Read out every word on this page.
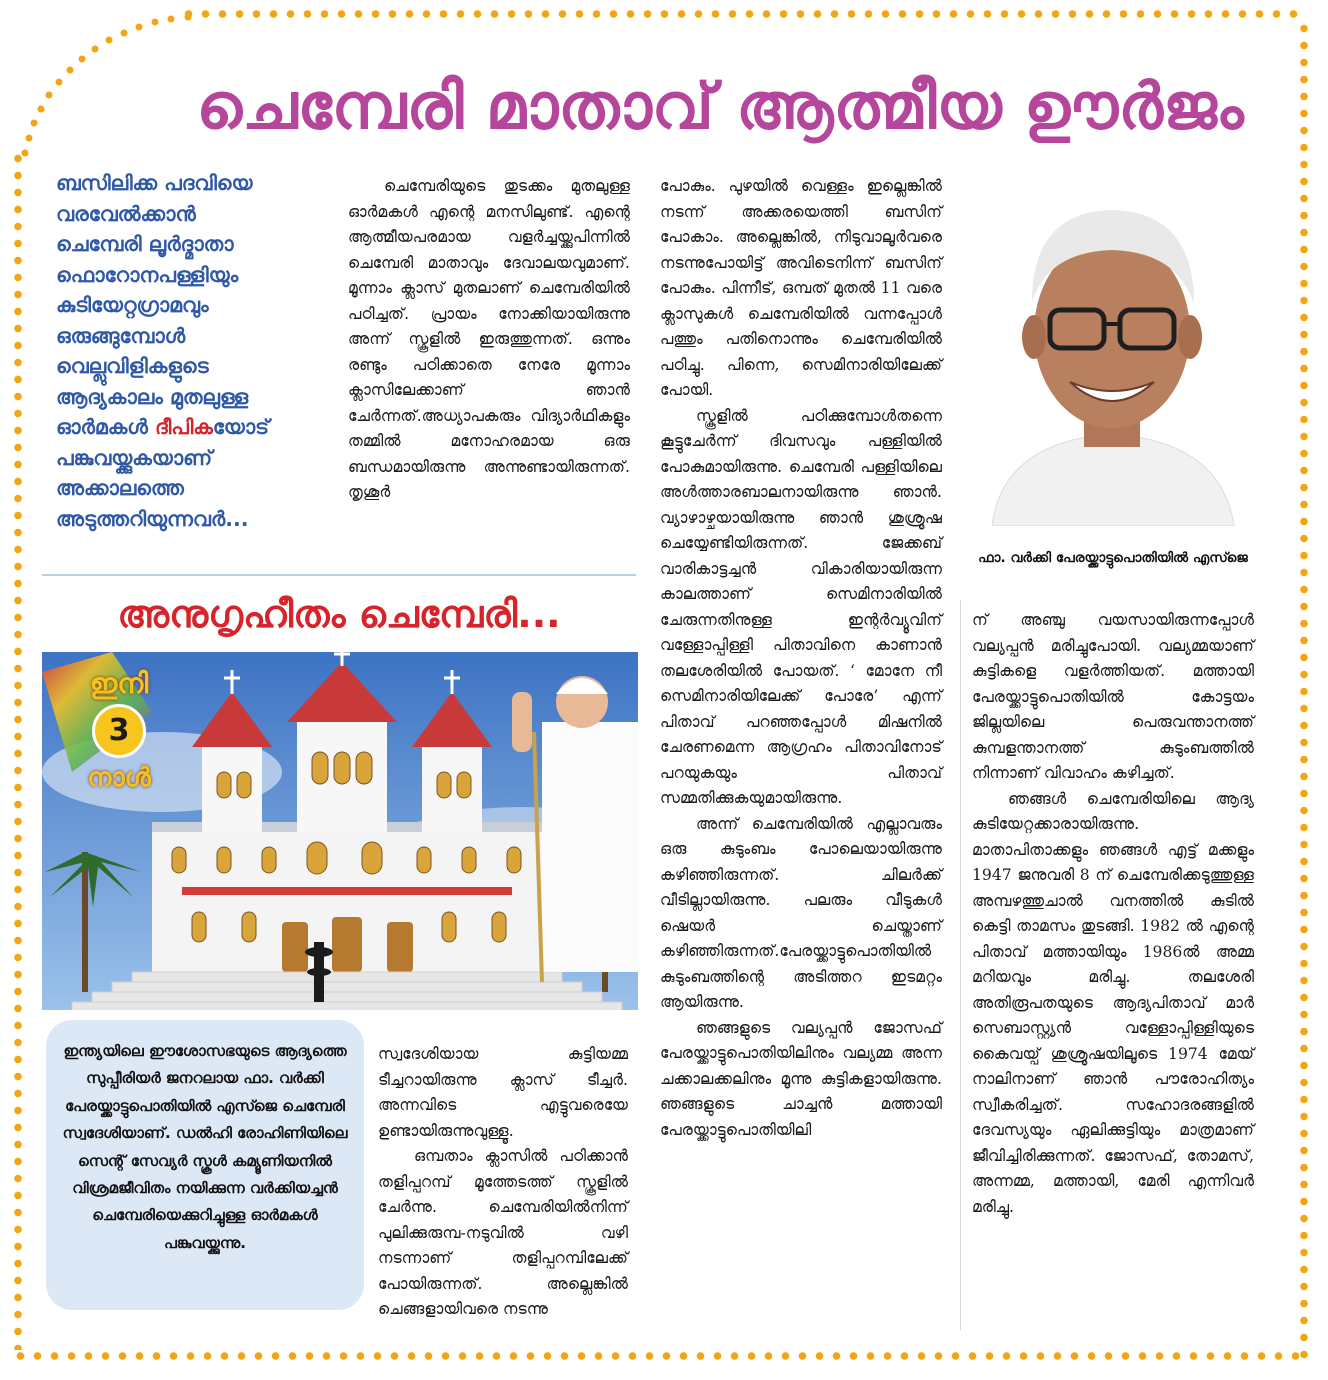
ചെമ്പേരി മാതാവ് ആത്മീയ ഊർജം
ബസിലിക്ക പദവിയെ
വരവേൽക്കാൻ
ചെമ്പേരി ലൂർദ്മാതാ
ഫൊറോനപള്ളിയും
കുടിയേറ്റഗ്രാമവും
ഒരുങ്ങുമ്പോൾ
വെല്ലുവിളികളുടെ
ആദ്യകാലം മുതലുള്ള
ഓർമകൾ ദീപികയോട്
പങ്കുവയ്ക്കുകയാണ്
അക്കാലത്തെ
അടുത്തറിയുന്നവർ...

ചെമ്പേരിയുടെ തുടക്കം മുതലുള്ള ഓർമകൾ എന്റെ മനസിലുണ്ട്. എന്റെ ആത്മീയപരമായ വളർച്ചയ്ക്കുപിന്നിൽ ചെമ്പേരി മാതാവും ദേവാലയവുമാണ്. മൂന്നാം ക്ലാസ് മുതലാണ് ചെമ്പേരിയിൽ പഠിച്ചത്. പ്രായം നോക്കിയായിരുന്നു അന്ന് സ്കൂളിൽ ഇരുത്തുന്നത്. ഒന്നും രണ്ടും പഠിക്കാതെ നേരേ മൂന്നാം ക്ലാസിലേക്കാണ് ഞാൻ ചേർന്നത്.അധ്യാപകരും വിദ്യാർഥികളും തമ്മിൽ മനോഹരമായ ഒരു ബന്ധമായിരുന്നു അന്നുണ്ടായിരുന്നത്. തൃശൂർ

അനുഗൃഹീതം ചെമ്പേരി...
ഇനി
3
നാൾ
ഇന്ത്യയിലെ ഈശോസഭയുടെ ആദ്യത്തെ സുപ്പീരിയർ ജനറലായ ഫാ. വർക്കി പേരയ്ക്കാട്ടുപൊതിയിൽ എസ്ജെ ചെമ്പേരി സ്വദേശിയാണ്. ഡൽഹി രോഹിണിയിലെ സെന്റ് സേവ്യർ സ്കൂൾ കമ്യൂണിയനിൽ വിശ്രമജീവിതം നയിക്കുന്ന വർക്കിയച്ചൻ ചെമ്പേരിയെക്കുറിച്ചുള്ള ഓർമകൾ പങ്കുവയ്ക്കുന്നു.

സ്വദേശിയായ കുട്ടിയമ്മ ടീച്ചറായിരുന്നു ക്ലാസ് ടീച്ചർ. അന്നവിടെ എട്ടുവരെയേ ഉണ്ടായിരുന്നുവുള്ളൂ.

ഒമ്പതാം ക്ലാസിൽ പഠിക്കാൻ തളിപ്പറമ്പ് മൂത്തേടത്ത് സ്കൂളിൽ ചേർന്നു. ചെമ്പേരിയിൽനിന്ന് പുലിക്കുരുമ്പ-നടുവിൽ വഴി നടന്നാണ് തളിപ്പറമ്പിലേക്ക് പോയിരുന്നത്. അല്ലെങ്കിൽ ചെങ്ങളായിവരെ നടന്നു

പോകും. പുഴയിൽ വെള്ളം ഇല്ലെങ്കിൽ നടന്ന് അക്കരയെത്തി ബസിന് പോകാം. അല്ലെങ്കിൽ, നിടുവാലൂർവരെ നടന്നുപോയിട്ട് അവിടെനിന്ന് ബസിന് പോകും. പിന്നീട്, ഒമ്പത് മുതൽ 11 വരെ ക്ലാസുകൾ ചെമ്പേരിയിൽ വന്നപ്പോൾ പത്തും പതിനൊന്നും ചെമ്പേരിയിൽ പഠിച്ചു. പിന്നെ, സെമിനാരിയിലേക്ക് പോയി.

സ്കൂളിൽ പഠിക്കുമ്പോൾതന്നെ കൂട്ടുചേർന്ന് ദിവസവും പള്ളിയിൽ പോകുമായിരുന്നു. ചെമ്പേരി പള്ളിയിലെ അൾത്താരബാലനായിരുന്നു ഞാൻ. വ്യാഴാഴ്ചയായിരുന്നു ഞാൻ ശുശ്രൂഷ ചെയ്യേണ്ടിയിരുന്നത്. ജേക്കബ് വാരികാട്ടച്ചൻ വികാരിയായിരുന്ന കാലത്താണ് സെമിനാരിയിൽ ചേരുന്നതിനുള്ള ഇന്റർവ്യൂവിന് വള്ളോപ്പിള്ളി പിതാവിനെ കാണാൻ തലശേരിയിൽ പോയത്. ‘ മോനേ നീ സെമിനാരിയിലേക്ക് പോരേ’ എന്ന് പിതാവ് പറഞ്ഞപ്പോൾ മിഷനിൽ ചേരണമെന്ന ആഗ്രഹം പിതാവിനോട് പറയുകയും പിതാവ് സമ്മതിക്കുകയുമായിരുന്നു.

അന്ന് ചെമ്പേരിയിൽ എല്ലാവരും ഒരു കുടുംബം പോലെയായിരുന്നു കഴിഞ്ഞിരുന്നത്. ചിലർക്ക് വീടില്ലായിരുന്നു. പലരും വീടുകൾ ഷെയർ ചെയ്താണ് കഴിഞ്ഞിരുന്നത്.പേരയ്ക്കാട്ടുപൊതിയിൽ കുടുംബത്തിന്റെ അടിത്തറ ഇടമറ്റം ആയിരുന്നു.

ഞങ്ങളുടെ വല്യപ്പൻ ജോസഫ് പേരയ്ക്കാട്ടുപൊതിയിലിനും വല്യമ്മ അന്ന ചക്കാലക്കലിനും മൂന്നു കുട്ടികളായിരുന്നു. ഞങ്ങളുടെ ചാച്ചൻ മത്തായി പേരയ്ക്കാട്ടുപൊതിയിലി

ഫാ. വർക്കി പേരയ്ക്കാട്ടുപൊതിയിൽ എസ്ജെ

ന് അഞ്ചു വയസായിരുന്നപ്പോൾ വല്യപ്പൻ മരിച്ചുപോയി. വല്യമ്മയാണ് കുട്ടികളെ വളർത്തിയത്. മത്തായി പേരയ്ക്കാട്ടുപൊതിയിൽ കോട്ടയം ജില്ലയിലെ പെരുവന്താനത്ത് കുമ്പളന്താനത്ത് കുടുംബത്തിൽ നിന്നാണ് വിവാഹം കഴിച്ചത്.

ഞങ്ങൾ ചെമ്പേരിയിലെ ആദ്യ കുടിയേറ്റക്കാരായിരുന്നു. മാതാപിതാക്കളും ഞങ്ങൾ എട്ട് മക്കളും 1947 ജനുവരി 8 ന് ചെമ്പേരിക്കടുത്തുള്ള അമ്പഴത്തുചാൽ വനത്തിൽ കുടിൽ കെട്ടി താമസം തുടങ്ങി. 1982 ൽ എന്റെ പിതാവ് മത്തായിയും 1986ൽ അമ്മ മറിയവും മരിച്ചു. തലശേരി അതിരൂപതയുടെ ആദ്യപിതാവ് മാർ സെബാസ്റ്റ്യൻ വള്ളോപ്പിള്ളിയുടെ കൈവയ്പ് ശുശ്രൂഷയിലൂടെ 1974 മേയ് നാലിനാണ് ഞാൻ പൗരോഹിത്യം സ്വീകരിച്ചത്. സഹോദരങ്ങളിൽ ദേവസ്യയും ഏലിക്കുട്ടിയും മാത്രമാണ് ജീവിച്ചിരിക്കുന്നത്. ജോസഫ്, തോമസ്, അന്നമ്മ, മത്തായി, മേരി എന്നിവർ മരിച്ചു.
